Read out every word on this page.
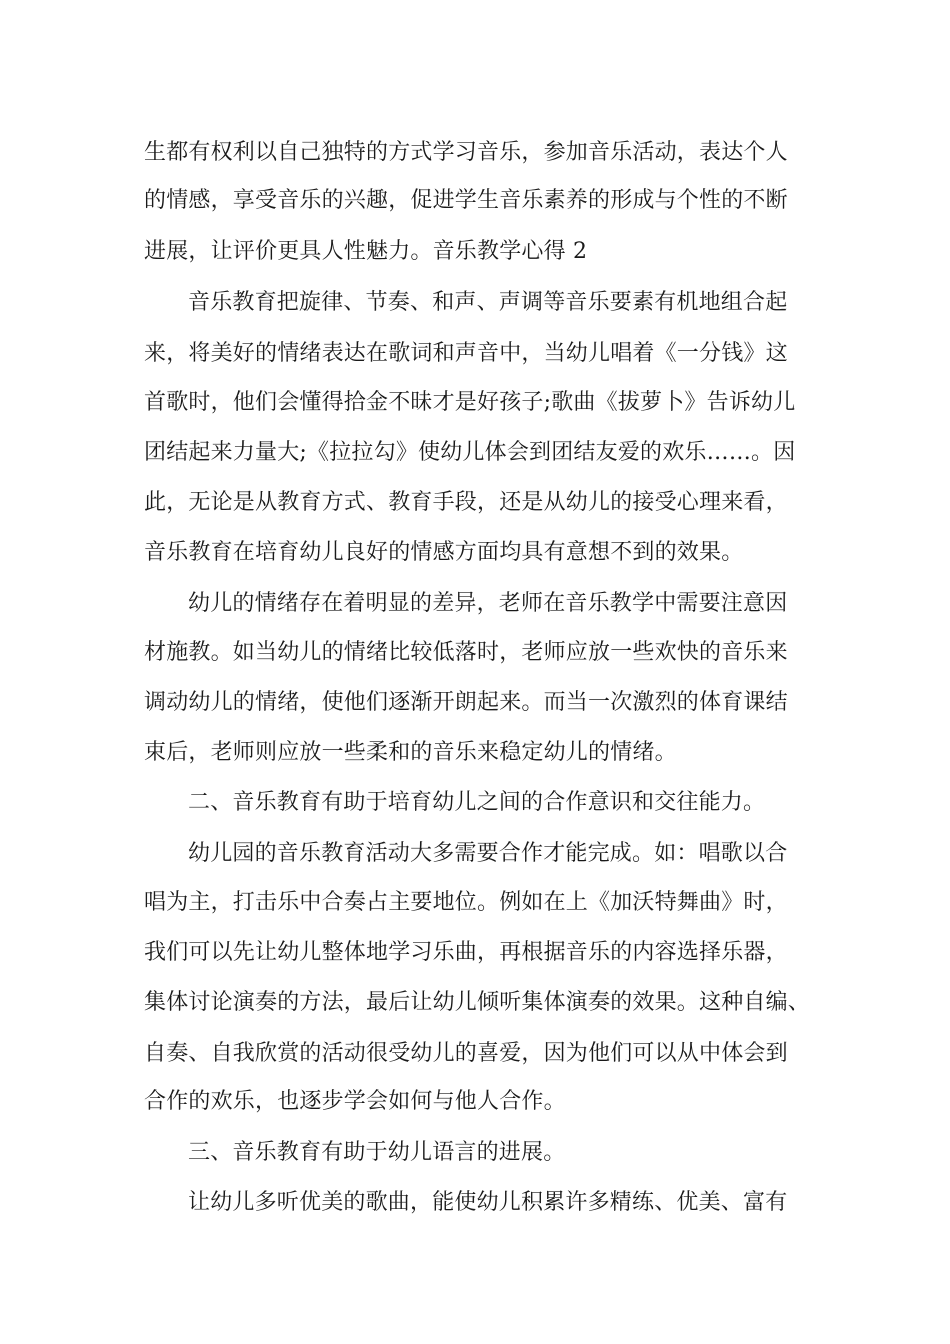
生都有权利以自己独特的方式学习音乐，参加音乐活动，表达个人
的情感，享受音乐的兴趣，促进学生音乐素养的形成与个性的不断
进展，让评价更具人性魅力。音乐教学心得 2
音乐教育把旋律、节奏、和声、声调等音乐要素有机地组合起
来，将美好的情绪表达在歌词和声音中，当幼儿唱着《一分钱》这
首歌时，他们会懂得拾金不昧才是好孩子;歌曲《拔萝卜》告诉幼儿
团结起来力量大;《拉拉勾》使幼儿体会到团结友爱的欢乐……。因
此，无论是从教育方式、教育手段，还是从幼儿的接受心理来看，
音乐教育在培育幼儿良好的情感方面均具有意想不到的效果。
幼儿的情绪存在着明显的差异，老师在音乐教学中需要注意因
材施教。如当幼儿的情绪比较低落时，老师应放一些欢快的音乐来
调动幼儿的情绪，使他们逐渐开朗起来。而当一次激烈的体育课结
束后，老师则应放一些柔和的音乐来稳定幼儿的情绪。
二、音乐教育有助于培育幼儿之间的合作意识和交往能力。
幼儿园的音乐教育活动大多需要合作才能完成。如：唱歌以合
唱为主，打击乐中合奏占主要地位。例如在上《加沃特舞曲》时，
我们可以先让幼儿整体地学习乐曲，再根据音乐的内容选择乐器，
集体讨论演奏的方法，最后让幼儿倾听集体演奏的效果。这种自编、
自奏、自我欣赏的活动很受幼儿的喜爱，因为他们可以从中体会到
合作的欢乐，也逐步学会如何与他人合作。
三、音乐教育有助于幼儿语言的进展。
让幼儿多听优美的歌曲，能使幼儿积累许多精练、优美、富有
